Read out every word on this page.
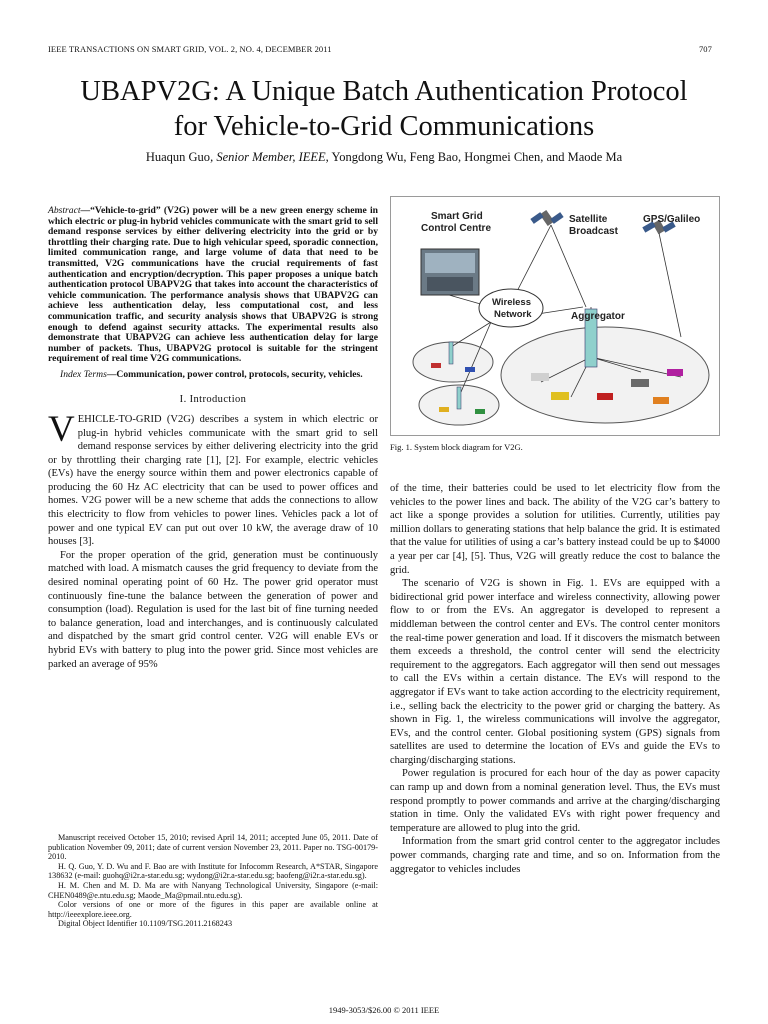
IEEE TRANSACTIONS ON SMART GRID, VOL. 2, NO. 4, DECEMBER 2011	707
UBAPV2G: A Unique Batch Authentication Protocol
for Vehicle-to-Grid Communications
Huaqun Guo, Senior Member, IEEE, Yongdong Wu, Feng Bao, Hongmei Chen, and Maode Ma
Abstract—“Vehicle-to-grid” (V2G) power will be a new green energy scheme in which electric or plug-in hybrid vehicles communicate with the smart grid to sell demand response services by either delivering electricity into the grid or by throttling their charging rate. Due to high vehicular speed, sporadic connection, limited communication range, and large volume of data that need to be transmitted, V2G communications have the crucial requirements of fast authentication and encryption/decryption. This paper proposes a unique batch authentication protocol UBAPV2G that takes into account the characteristics of vehicle communication. The performance analysis shows that UBAPV2G can achieve less authentication delay, less computational cost, and less communication traffic, and security analysis shows that UBAPV2G is strong enough to defend against security attacks. The experimental results also demonstrate that UBAPV2G can achieve less authentication delay for large number of packets. Thus, UBAPV2G protocol is suitable for the stringent requirement of real time V2G communications.
Index Terms—Communication, power control, protocols, security, vehicles.
I. Introduction

VEHICLE-TO-GRID (V2G) describes a system in which electric or plug-in hybrid vehicles communicate with the smart grid to sell demand response services by either delivering electricity into the grid or by throttling their charging rate [1], [2]. For example, electric vehicles (EVs) have the energy source within them and power electronics capable of producing the 60 Hz AC electricity that can be used to power offices and homes. V2G power will be a new scheme that adds the connections to allow this electricity to flow from vehicles to power lines. Vehicles pack a lot of power and one typical EV can put out over 10 kW, the average draw of 10 houses [3].

For the proper operation of the grid, generation must be continuously matched with load. A mismatch causes the grid frequency to deviate from the desired nominal operating point of 60 Hz. The power grid operator must continuously fine-tune the balance between the generation of power and consumption (load). Regulation is used for the last bit of fine turning needed to balance generation, load and interchanges, and is continuously calculated and dispatched by the smart grid control center. V2G will enable EVs or hybrid EVs with battery to plug into the power grid. Since most vehicles are parked an average of 95%

Manuscript received October 15, 2010; revised April 14, 2011; accepted June 05, 2011. Date of publication November 09, 2011; date of current version November 23, 2011. Paper no. TSG-00179-2010.

H. Q. Guo, Y. D. Wu and F. Bao are with Institute for Infocomm Research, A*STAR, Singapore 138632 (e-mail: guohq@i2r.a-star.edu.sg; wydong@i2r.a-star.edu.sg; baofeng@i2r.a-star.edu.sg).

H. M. Chen and M. D. Ma are with Nanyang Technological University, Singapore (e-mail: CHEN0489@e.ntu.edu.sg; Maode_Ma@pmail.ntu.edu.sg).

Color versions of one or more of the figures in this paper are available online at http://ieeexplore.ieee.org.

Digital Object Identifier 10.1109/TSG.2011.2168243

Smart Grid
Control Centre
Satellite
Broadcast
GPS/Galileo
Wireless
Network	Aggregator
Fig. 1. System block diagram for V2G.

of the time, their batteries could be used to let electricity flow from the vehicles to the power lines and back. The ability of the V2G car’s battery to act like a sponge provides a solution for utilities. Currently, utilities pay million dollars to generating stations that help balance the grid. It is estimated that the value for utilities of using a car’s battery instead could be up to $4000 a year per car [4], [5]. Thus, V2G will greatly reduce the cost to balance the grid.

The scenario of V2G is shown in Fig. 1. EVs are equipped with a bidirectional grid power interface and wireless connectivity, allowing power flow to or from the EVs. An aggregator is developed to represent a middleman between the control center and EVs. The control center monitors the real-time power generation and load. If it discovers the mismatch between them exceeds a threshold, the control center will send the electricity requirement to the aggregators. Each aggregator will then send out messages to call the EVs within a certain distance. The EVs will respond to the aggregator if EVs want to take action according to the electricity requirement, i.e., selling back the electricity to the power grid or charging the battery. As shown in Fig. 1, the wireless communications will involve the aggregator, EVs, and the control center. Global positioning system (GPS) signals from satellites are used to determine the location of EVs and guide the EVs to charging/discharging stations.

Power regulation is procured for each hour of the day as power capacity can ramp up and down from a nominal generation level. Thus, the EVs must respond promptly to power commands and arrive at the charging/discharging station in time. Only the validated EVs with right power frequency and temperature are allowed to plug into the grid.

Information from the smart grid control center to the aggregator includes power commands, charging rate and time, and so on. Information from the aggregator to vehicles includes

1949-3053/$26.00 © 2011 IEEE
